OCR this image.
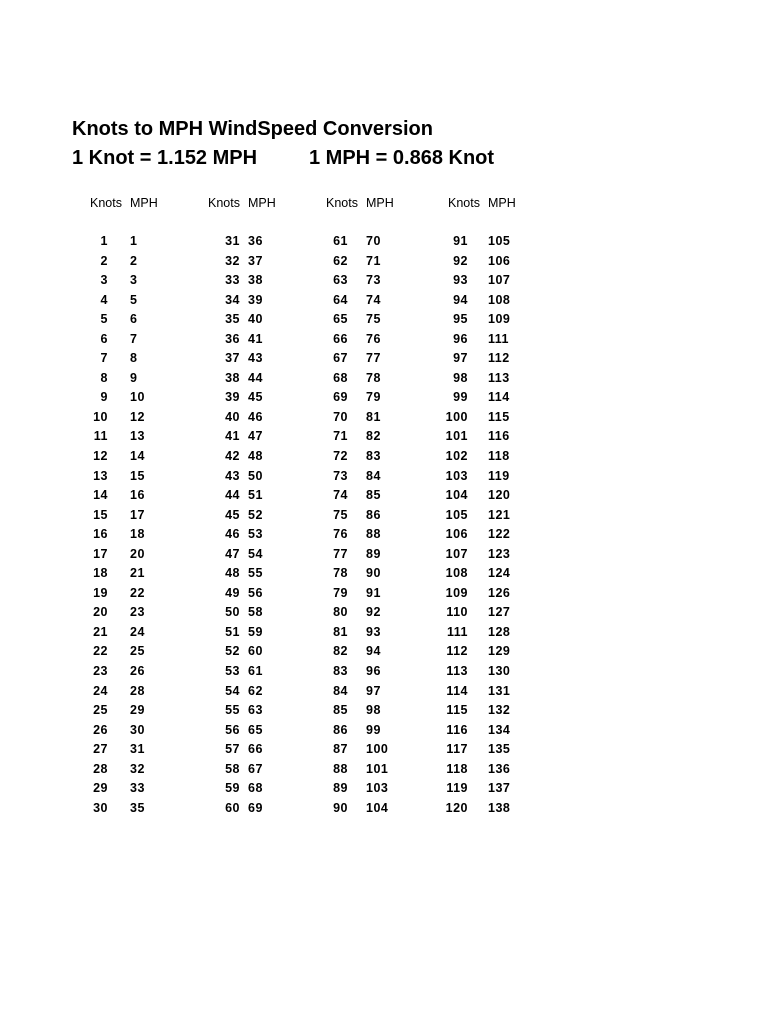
Knots to MPH WindSpeed Conversion
1 Knot = 1.152 MPH	1 MPH = 0.868 Knot
Knots MPH
1 1
2 2
3 3
4 5
5 6
6 7
7 8
8 9
9 10
10 12
11 13
12 14
13 15
14 16
15 17
16 18
17 20
18 21
19 22
20 23
21 24
22 25
23 26
24 28
25 29
26 30
27 31
28 32
29 33
30 35
Knots MPH
31 36
32 37
33 38
34 39
35 40
36 41
37 43
38 44
39 45
40 46
41 47
42 48
43 50
44 51
45 52
46 53
47 54
48 55
49 56
50 58
51 59
52 60
53 61
54 62
55 63
56 65
57 66
58 67
59 68
60 69
Knots MPH
61 70
62 71
63 73
64 74
65 75
66 76
67 77
68 78
69 79
70 81
71 82
72 83
73 84
74 85
75 86
76 88
77 89
78 90
79 91
80 92
81 93
82 94
83 96
84 97
85 98
86 99
87 100
88 101
89 103
90 104
Knots MPH
91 105
92 106
93 107
94 108
95 109
96 111
97 112
98 113
99 114
100 115
101 116
102 118
103 119
104 120
105 121
106 122
107 123
108 124
109 126
110 127
111 128
112 129
113 130
114 131
115 132
116 134
117 135
118 136
119 137
120 138
